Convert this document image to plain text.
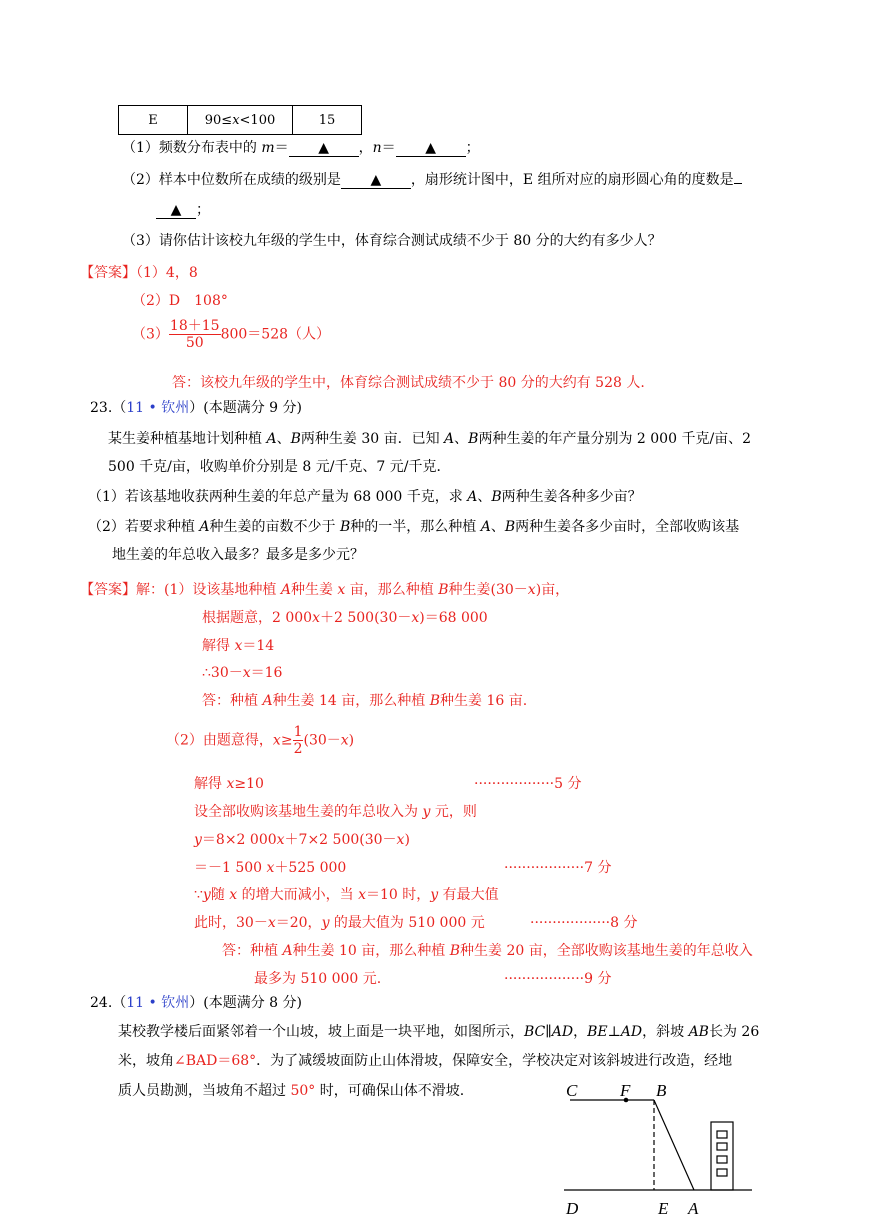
E	90≤x<100	15
（1）频数分布表中的 m＝ ▲ ，n＝ ▲ ；
（2）样本中位数所在成绩的级别是 ▲ ，扇形统计图中，E 组所对应的扇形圆心角的度数是
▲ ；
（3）请你估计该校九年级的学生中，体育综合测试成绩不少于 80 分的大约有多少人？
【答案】（1）4，8
（2）D　108°
$(3) \frac{18+15}{50} 800=528$（人）
答：该校九年级的学生中，体育综合测试成绩不少于 80 分的大约有 528 人.
23.（11 • 钦州）(本题满分 9 分)
某生姜种植基地计划种植 A、B两种生姜 30 亩．已知 A、B两种生姜的年产量分别为 2 000 千克/亩、2
500 千克/亩，收购单价分别是 8 元/千克、7 元/千克．
（1）若该基地收获两种生姜的年总产量为 68 000 千克，求 A、B两种生姜各种多少亩？
（2）若要求种植 A种生姜的亩数不少于 B种的一半，那么种植 A、B两种生姜各多少亩时，全部收购该基
地生姜的年总收入最多？最多是多少元？
【答案】解：(1）设该基地种植 A种生姜 x 亩，那么种植 B种生姜(30－x)亩，
根据题意，2 000x＋2 500(30－x)＝68 000
解得 x＝14
∴30－x＝16
答：种植 A种生姜 14 亩，那么种植 B种生姜 16 亩.
（2）由题意得，$x\ge \frac{1}{2} (30-x)$
解得 x≥10	··················5 分
设全部收购该基地生姜的年总收入为 y 元，则
y＝8×2 000x＋7×2 500(30－x)
＝－1 500 x＋525 000	··················7 分
∵y随 x 的增大而减小，当 x＝10 时，y 有最大值
此时，30－x＝20，y 的最大值为 510 000 元	··················8 分
答：种植 A种生姜 10 亩，那么种植 B种生姜 20 亩，全部收购该基地生姜的年总收入
最多为 510 000 元.	··················9 分
24.（11 • 钦州）(本题满分 8 分)
某校教学楼后面紧邻着一个山坡，坡上面是一块平地，如图所示，BC∥AD，BE⊥AD，斜坡 AB长为 26
米，坡角∠BAD＝68°．为了减缓坡面防止山体滑坡，保障安全，学校决定对该斜坡进行改造，经地
质人员勘测，当坡角不超过 50° 时，可确保山体不滑坡.	C	F B
D	E A
